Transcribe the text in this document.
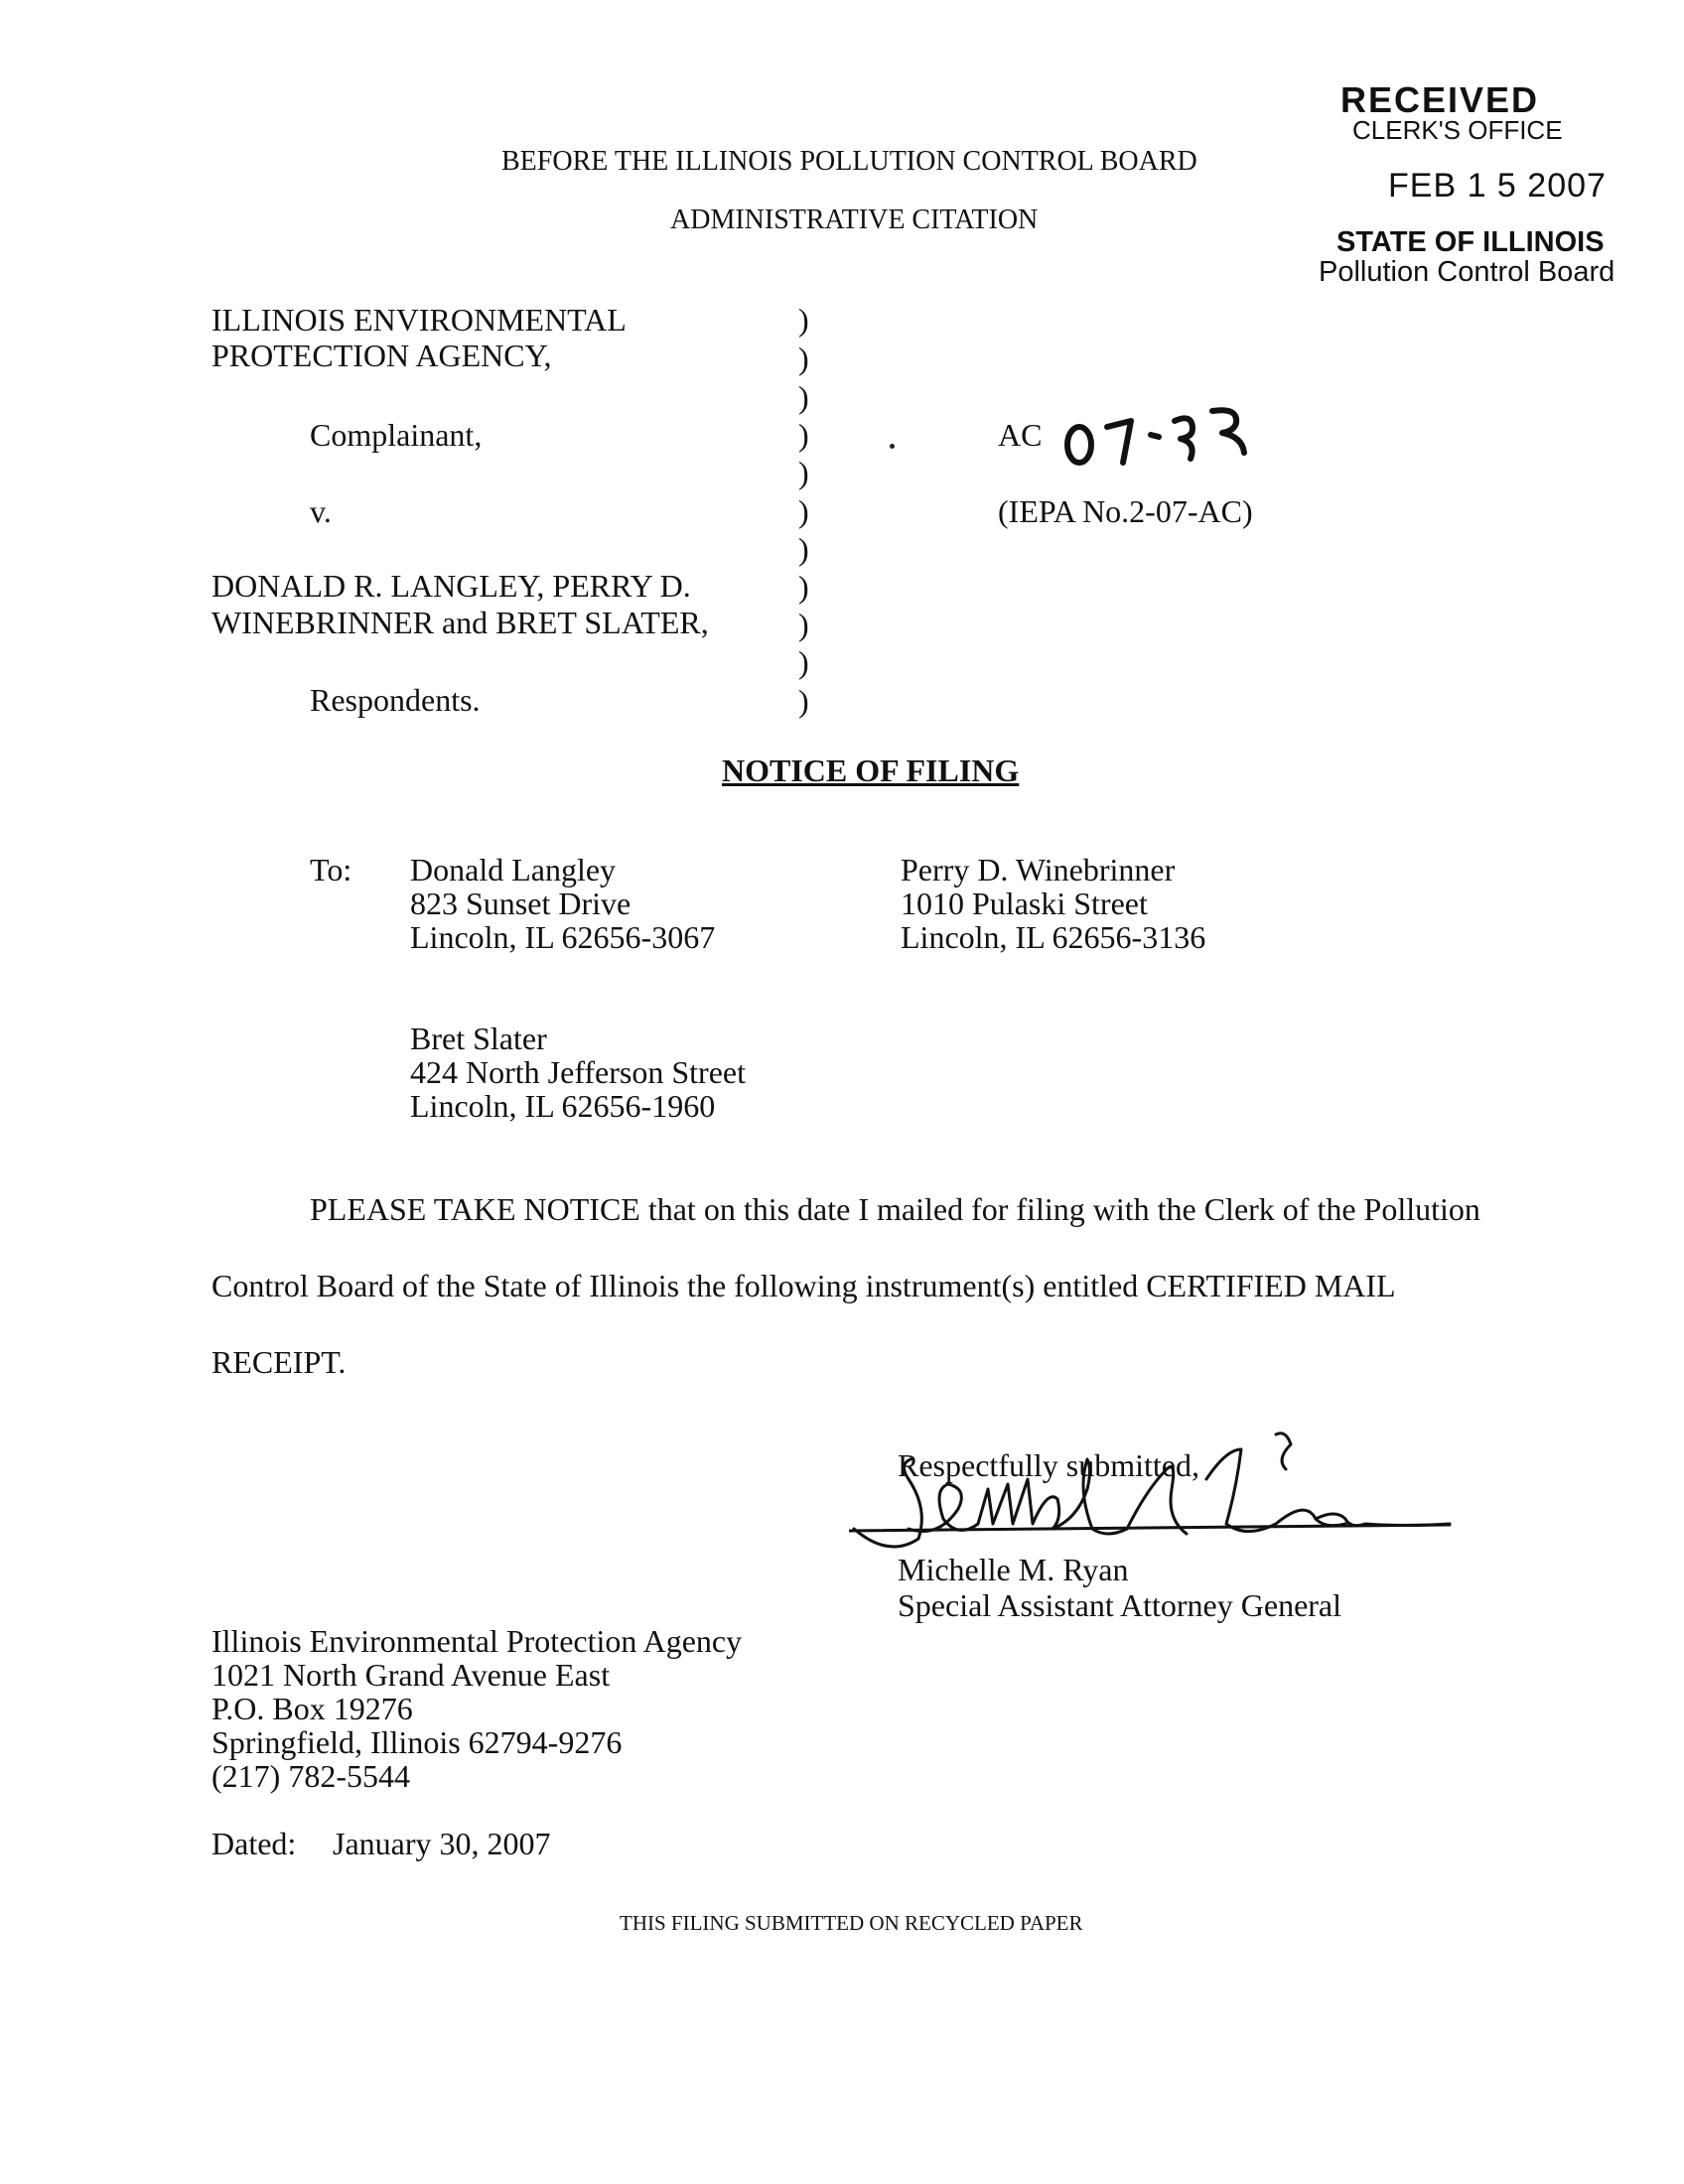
RECEIVED
CLERK'S OFFICE
FEB 1 5 2007
STATE OF ILLINOIS
Pollution Control Board
BEFORE THE ILLINOIS POLLUTION CONTROL BOARD
ADMINISTRATIVE CITATION
ILLINOIS ENVIRONMENTAL
PROTECTION AGENCY,
Complainant,
v.
DONALD R. LANGLEY, PERRY D.
WINEBRINNER and BRET SLATER,
Respondents.
)
)
)
)
)
)
)
)
)
)
)
AC
(IEPA No.2-07-AC)
NOTICE OF FILING
To: Donald Langley
823 Sunset Drive
Lincoln, IL 62656-3067
Perry D. Winebrinner
1010 Pulaski Street
Lincoln, IL 62656-3136
Bret Slater
424 North Jefferson Street
Lincoln, IL 62656-1960
PLEASE TAKE NOTICE that on this date I mailed for filing with the Clerk of the Pollution
Control Board of the State of Illinois the following instrument(s) entitled CERTIFIED MAIL
RECEIPT.
Respectfully submitted,
Michelle M. Ryan
Special Assistant Attorney General
Illinois Environmental Protection Agency
1021 North Grand Avenue East
P.O. Box 19276
Springfield, Illinois 62794-9276
(217) 782-5544
Dated: January 30, 2007
THIS FILING SUBMITTED ON RECYCLED PAPER
